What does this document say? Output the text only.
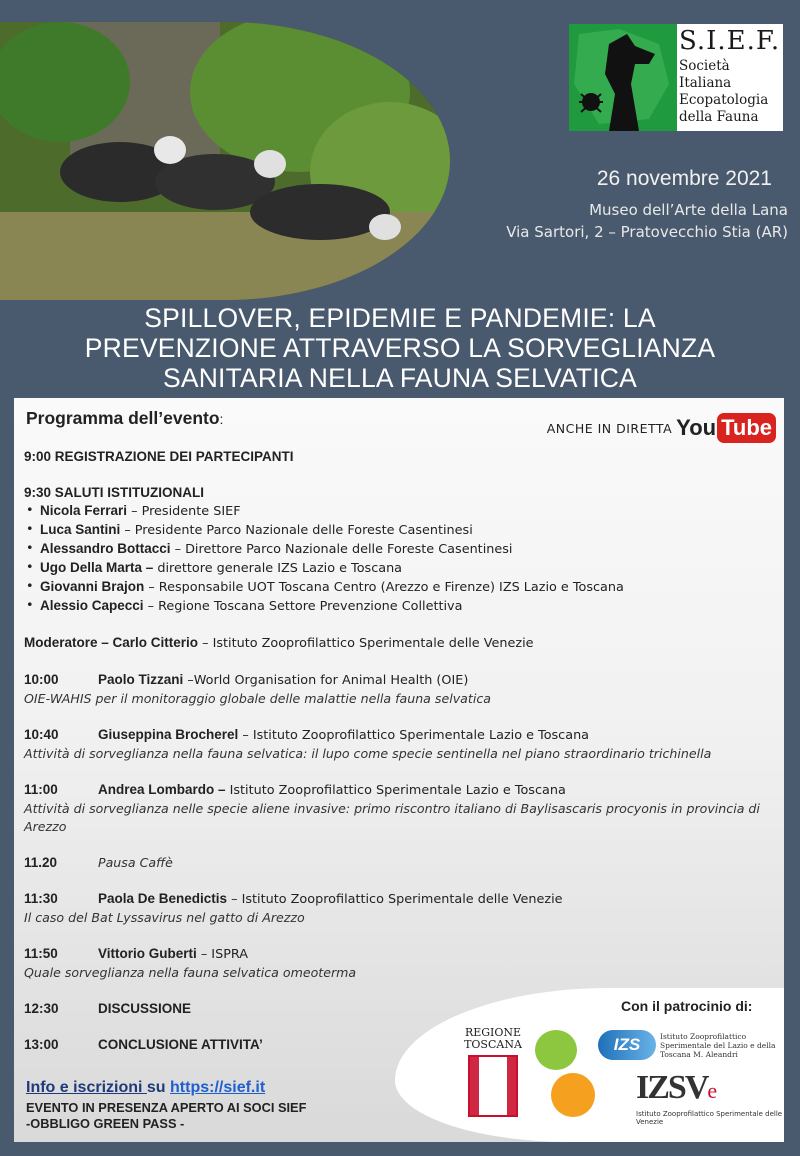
S.I.E.F.
Società Italiana
Ecopatologia
della Fauna
26 novembre 2021
Museo dell’Arte della Lana
Via Sartori, 2 – Pratovecchio Stia (AR)
SPILLOVER, EPIDEMIE E PANDEMIE: LA
PREVENZIONE ATTRAVERSO LA SORVEGLIANZA
SANITARIA NELLA FAUNA SELVATICA
Programma dell’evento:
ANCHE IN DIRETTA You Tube
9:00 REGISTRAZIONE DEI PARTECIPANTI
9:30 SALUTI ISTITUZIONALI
• Nicola Ferrari – Presidente SIEF
• Luca Santini – Presidente Parco Nazionale delle Foreste Casentinesi
• Alessandro Bottacci – Direttore Parco Nazionale delle Foreste Casentinesi
• Ugo Della Marta – direttore generale IZS Lazio e Toscana
• Giovanni Brajon – Responsabile UOT Toscana Centro (Arezzo e Firenze) IZS Lazio e Toscana
• Alessio Capecci – Regione Toscana Settore Prevenzione Collettiva
Moderatore – Carlo Citterio – Istituto Zooprofilattico Sperimentale delle Venezie
10:00	Paolo Tizzani –World Organisation for Animal Health (OIE)
OIE-WAHIS per il monitoraggio globale delle malattie nella fauna selvatica
10:40	Giuseppina Brocherel – Istituto Zooprofilattico Sperimentale Lazio e Toscana
Attività di sorveglianza nella fauna selvatica: il lupo come specie sentinella nel piano straordinario trichinella
11:00	Andrea Lombardo – Istituto Zooprofilattico Sperimentale Lazio e Toscana
Attività di sorveglianza nelle specie aliene invasive: primo riscontro italiano di Baylisascaris procyonis in provincia di Arezzo
11.20	Pausa Caffè
11:30	Paola De Benedictis – Istituto Zooprofilattico Sperimentale delle Venezie
Il caso del Bat Lyssavirus nel gatto di Arezzo
11:50	Vittorio Guberti – ISPRA
Quale sorveglianza nella fauna selvatica omeoterma
12:30	DISCUSSIONE
13:00	CONCLUSIONE ATTIVITA’
Con il patrocinio di:
REGIONE TOSCANA	IZS	Istituto Zooprofilattico Sperimentale del Lazio e della Toscana M. Aleandri
IZSVe
Istituto Zooprofilattico Sperimentale delle Venezie
Info e iscrizioni su https://sief.it
EVENTO IN PRESENZA APERTO AI SOCI SIEF
-OBBLIGO GREEN PASS -
